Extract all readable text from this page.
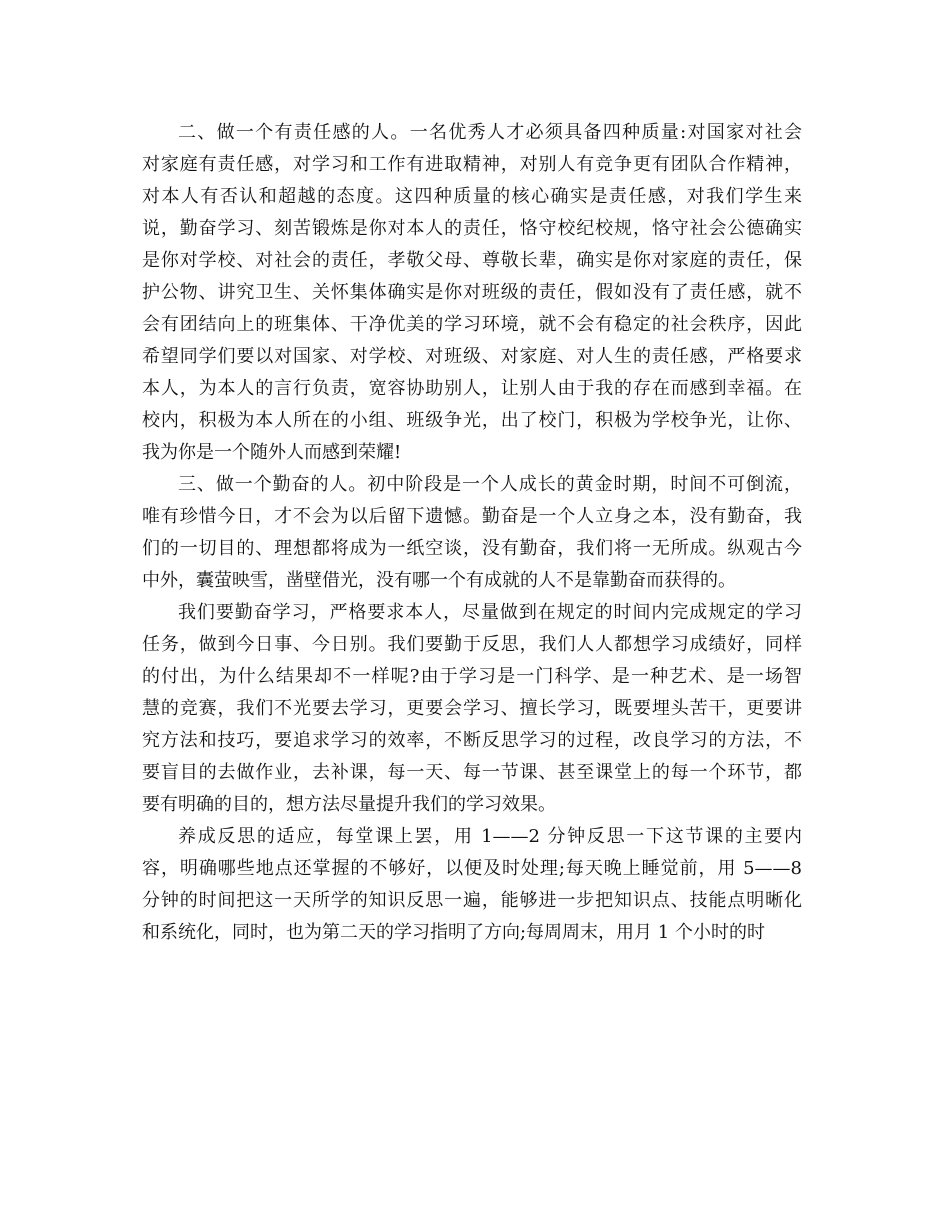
二、做一个有责任感的人。一名优秀人才必须具备四种质量:对国家对社会
对家庭有责任感，对学习和工作有进取精神，对别人有竞争更有团队合作精神，
对本人有否认和超越的态度。这四种质量的核心确实是责任感，对我们学生来
说，勤奋学习、刻苦锻炼是你对本人的责任，恪守校纪校规，恪守社会公德确实
是你对学校、对社会的责任，孝敬父母、尊敬长辈，确实是你对家庭的责任，保
护公物、讲究卫生、关怀集体确实是你对班级的责任，假如没有了责任感，就不
会有团结向上的班集体、干净优美的学习环境，就不会有稳定的社会秩序，因此
希望同学们要以对国家、对学校、对班级、对家庭、对人生的责任感，严格要求
本人，为本人的言行负责，宽容协助别人，让别人由于我的存在而感到幸福。在
校内，积极为本人所在的小组、班级争光，出了校门，积极为学校争光，让你、
我为你是一个随外人而感到荣耀!
三、做一个勤奋的人。初中阶段是一个人成长的黄金时期，时间不可倒流，
唯有珍惜今日，才不会为以后留下遗憾。勤奋是一个人立身之本，没有勤奋，我
们的一切目的、理想都将成为一纸空谈，没有勤奋，我们将一无所成。纵观古今
中外，囊萤映雪，凿壁借光，没有哪一个有成就的人不是靠勤奋而获得的。
我们要勤奋学习，严格要求本人，尽量做到在规定的时间内完成规定的学习
任务，做到今日事、今日别。我们要勤于反思，我们人人都想学习成绩好，同样
的付出，为什么结果却不一样呢?由于学习是一门科学、是一种艺术、是一场智
慧的竞赛，我们不光要去学习，更要会学习、擅长学习，既要埋头苦干，更要讲
究方法和技巧，要追求学习的效率，不断反思学习的过程，改良学习的方法，不
要盲目的去做作业，去补课，每一天、每一节课、甚至课堂上的每一个环节，都
要有明确的目的，想方法尽量提升我们的学习效果。
养成反思的适应，每堂课上罢，用 1——2 分钟反思一下这节课的主要内
容，明确哪些地点还掌握的不够好，以便及时处理;每天晚上睡觉前，用 5——8
分钟的时间把这一天所学的知识反思一遍，能够进一步把知识点、技能点明晰化
和系统化，同时，也为第二天的学习指明了方向;每周周末，用月 1 个小时的时
